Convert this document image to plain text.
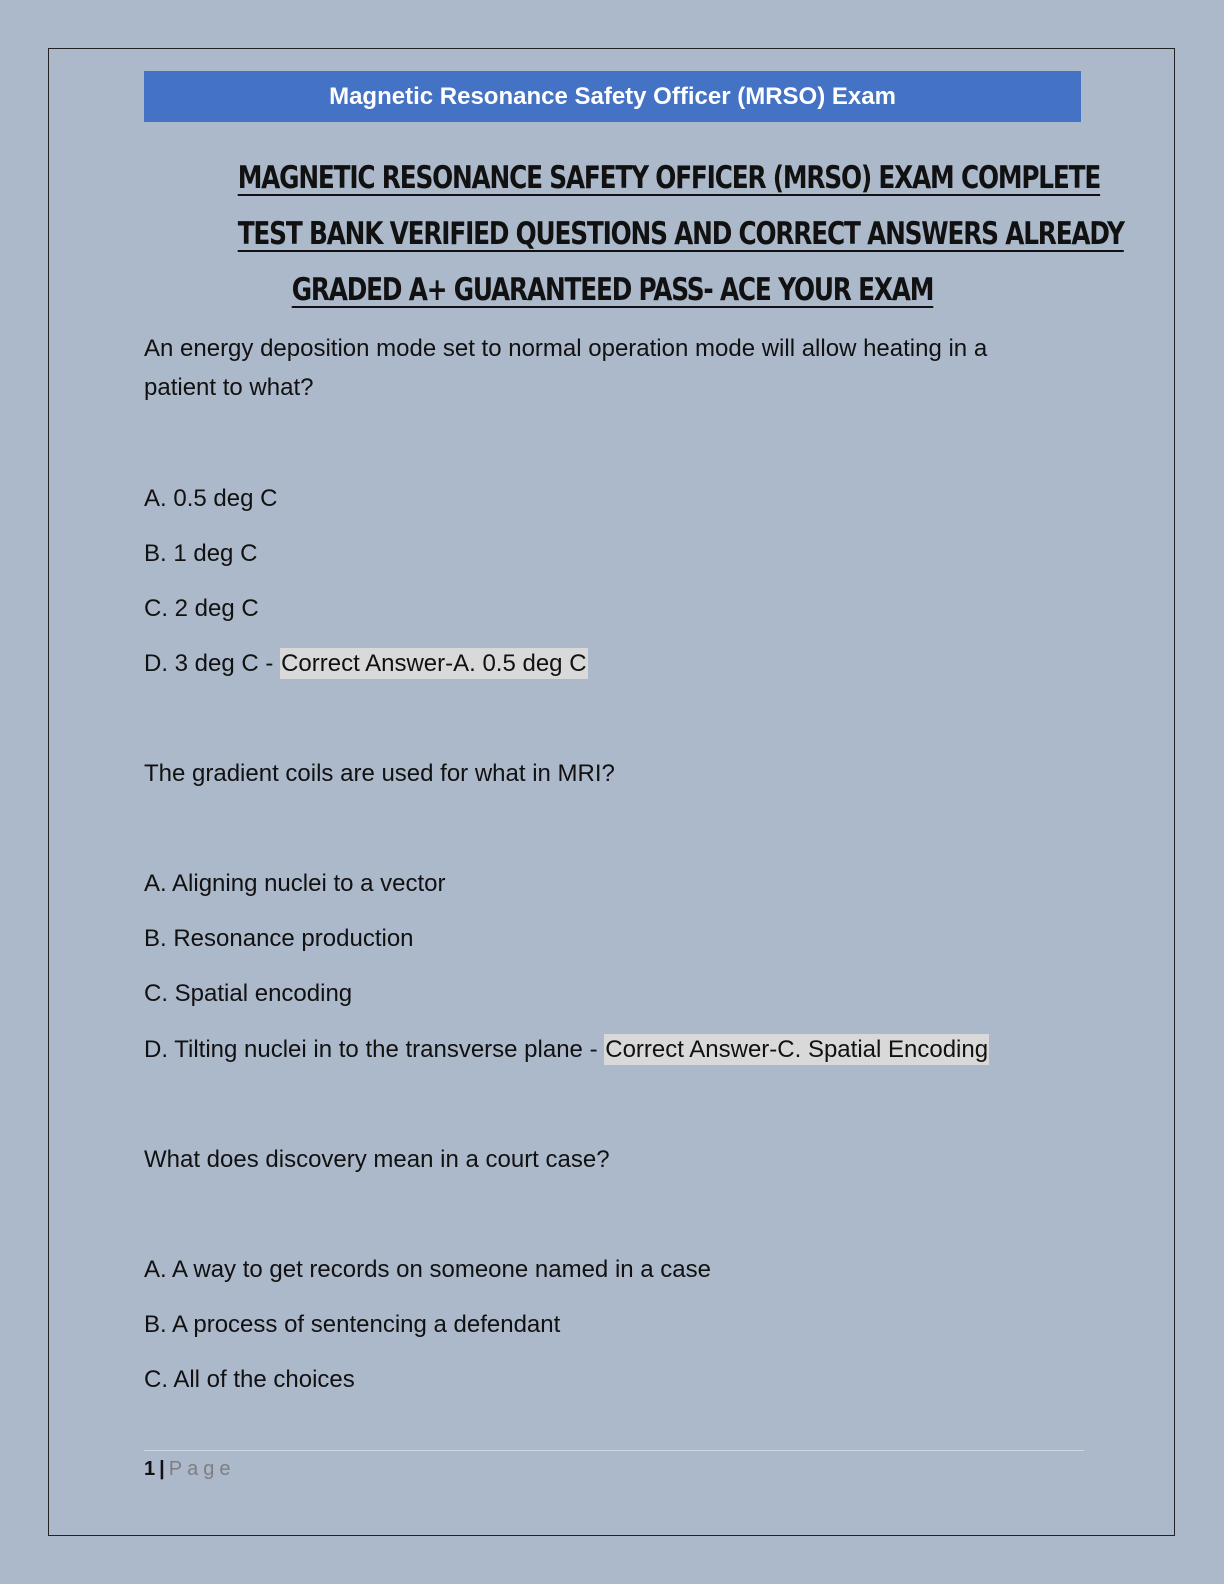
Magnetic Resonance Safety Officer (MRSO) Exam
MAGNETIC RESONANCE SAFETY OFFICER (MRSO) EXAM COMPLETE
TEST BANK VERIFIED QUESTIONS AND CORRECT ANSWERS ALREADY
GRADED A+ GUARANTEED PASS- ACE YOUR EXAM
An energy deposition mode set to normal operation mode will allow heating in a
patient to what?
A. 0.5 deg C
B. 1 deg C
C. 2 deg C
D. 3 deg C - Correct Answer-A. 0.5 deg C
The gradient coils are used for what in MRI?
A. Aligning nuclei to a vector
B. Resonance production
C. Spatial encoding
D. Tilting nuclei in to the transverse plane - Correct Answer-C. Spatial Encoding
What does discovery mean in a court case?
A. A way to get records on someone named in a case
B. A process of sentencing a defendant
C. All of the choices
1 | Page
